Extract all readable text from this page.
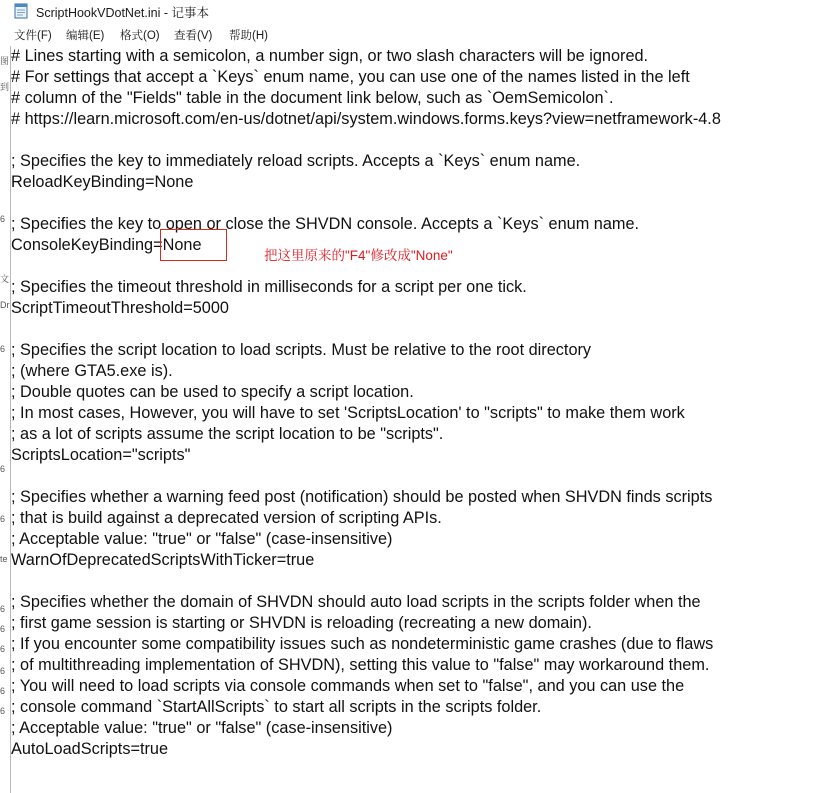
ScriptHookVDotNet.ini - 记事本
文件(F) 编辑(E) 格式(O) 查看(V) 帮助(H)
图
到
6
文
Dr
6
6
6
te
6
6
6
6
6
6
# Lines starting with a semicolon, a number sign, or two slash characters will be ignored.
# For settings that accept a `Keys` enum name, you can use one of the names listed in the left
# column of the "Fields" table in the document link below, such as `OemSemicolon`.
# https://learn.microsoft.com/en-us/dotnet/api/system.windows.forms.keys?view=netframework-4.8
; Specifies the key to immediately reload scripts. Accepts a `Keys` enum name.
ReloadKeyBinding=None
; Specifies the key to open or close the SHVDN console. Accepts a `Keys` enum name.
ConsoleKeyBinding=None
; Specifies the timeout threshold in milliseconds for a script per one tick.
ScriptTimeoutThreshold=5000
; Specifies the script location to load scripts. Must be relative to the root directory
; (where GTA5.exe is).
; Double quotes can be used to specify a script location.
; In most cases, However, you will have to set 'ScriptsLocation' to "scripts" to make them work
; as a lot of scripts assume the script location to be "scripts".
ScriptsLocation="scripts"
; Specifies whether a warning feed post (notification) should be posted when SHVDN finds scripts
; that is build against a deprecated version of scripting APIs.
; Acceptable value: "true" or "false" (case-insensitive)
WarnOfDeprecatedScriptsWithTicker=true
; Specifies whether the domain of SHVDN should auto load scripts in the scripts folder when the
; first game session is starting or SHVDN is reloading (recreating a new domain).
; If you encounter some compatibility issues such as nondeterministic game crashes (due to flaws
; of multithreading implementation of SHVDN), setting this value to "false" may workaround them.
; You will need to load scripts via console commands when set to "false", and you can use the
; console command `StartAllScripts` to start all scripts in the scripts folder.
; Acceptable value: "true" or "false" (case-insensitive)
AutoLoadScripts=true
把这里原来的"F4"修改成"None"
